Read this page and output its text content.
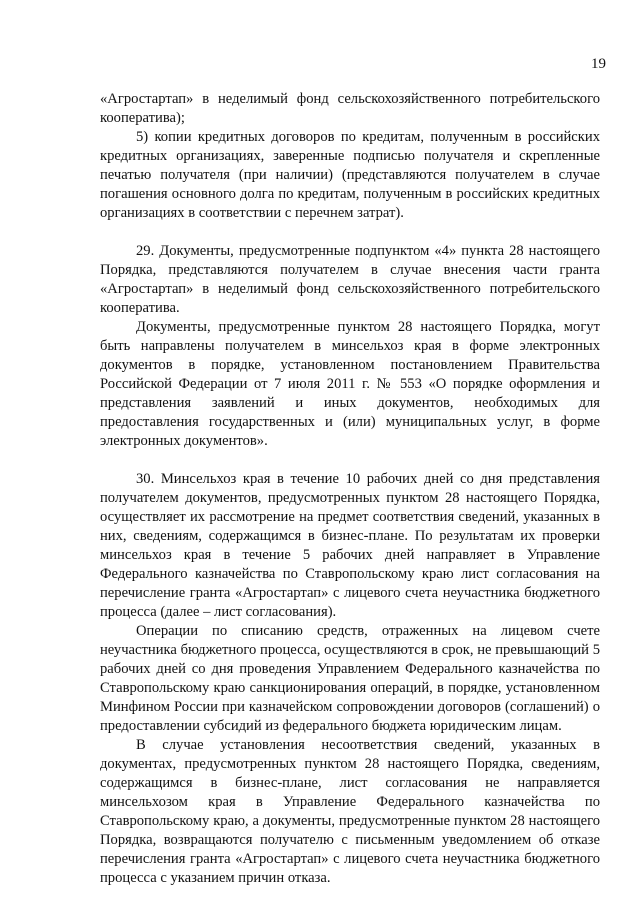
19

«Агростартап» в неделимый фонд сельскохозяйственного потребительского кооператива);

5) копии кредитных договоров по кредитам, полученным в российских кредитных организациях, заверенные подписью получателя и скрепленные печатью получателя (при наличии) (представляются получателем в случае погашения основного долга по кредитам, полученным в российских кредитных организациях в соответствии с перечнем затрат).

29. Документы, предусмотренные подпунктом «4» пункта 28 настоящего Порядка, представляются получателем в случае внесения части гранта «Агростартап» в неделимый фонд сельскохозяйственного потребительского кооператива.

Документы, предусмотренные пунктом 28 настоящего Порядка, могут быть направлены получателем в минсельхоз края в форме электронных документов в порядке, установленном постановлением Правительства Российской Федерации от 7 июля 2011 г. № 553 «О порядке оформления и представления заявлений и иных документов, необходимых для предоставления государственных и (или) муниципальных услуг, в форме электронных документов».

30. Минсельхоз края в течение 10 рабочих дней со дня представления получателем документов, предусмотренных пунктом 28 настоящего Порядка, осуществляет их рассмотрение на предмет соответствия сведений, указанных в них, сведениям, содержащимся в бизнес-плане. По результатам их проверки минсельхоз края в течение 5 рабочих дней направляет в Управление Федерального казначейства по Ставропольскому краю лист согласования на перечисление гранта «Агростартап» с лицевого счета неучастника бюджетного процесса (далее – лист согласования).

Операции по списанию средств, отраженных на лицевом счете неучастника бюджетного процесса, осуществляются в срок, не превышающий 5 рабочих дней со дня проведения Управлением Федерального казначейства по Ставропольскому краю санкционирования операций, в порядке, установленном Минфином России при казначейском сопровождении договоров (соглашений) о предоставлении субсидий из федерального бюджета юридическим лицам.

В случае установления несоответствия сведений, указанных в документах, предусмотренных пунктом 28 настоящего Порядка, сведениям, содержащимся в бизнес-плане, лист согласования не направляется минсельхозом края в Управление Федерального казначейства по Ставропольскому краю, а документы, предусмотренные пунктом 28 настоящего Порядка, возвращаются получателю с письменным уведомлением об отказе перечисления гранта «Агростартап» с лицевого счета неучастника бюджетного процесса с указанием причин отказа.
